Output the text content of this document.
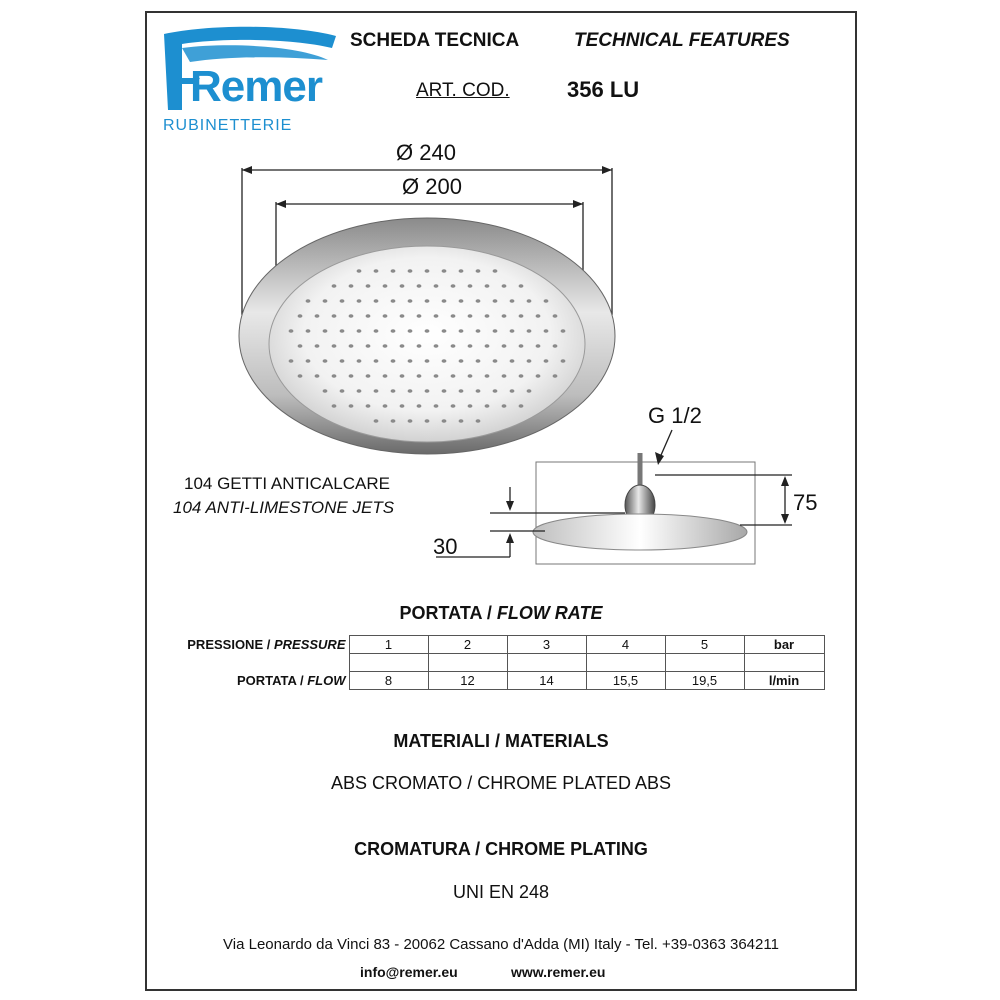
Remer
RUBINETTERIE
SCHEDA TECNICA	TECHNICAL FEATURES
ART. COD.	356 LU
Ø 240
Ø 200
G 1/2
75
30
104 GETTI ANTICALCARE
104 ANTI-LIMESTONE JETS
PORTATA / FLOW RATE
PRESSIONE / PRESSURE	1	2	3	4	5	bar

PORTATA / FLOW	8	12	14	15,5	19,5	l/min
MATERIALI / MATERIALS
ABS CROMATO / CHROME PLATED ABS
CROMATURA / CHROME PLATING
UNI EN 248
Via Leonardo da Vinci 83 - 20062 Cassano d'Adda (MI) Italy - Tel. +39-0363 364211
info@remer.eu	www.remer.eu
